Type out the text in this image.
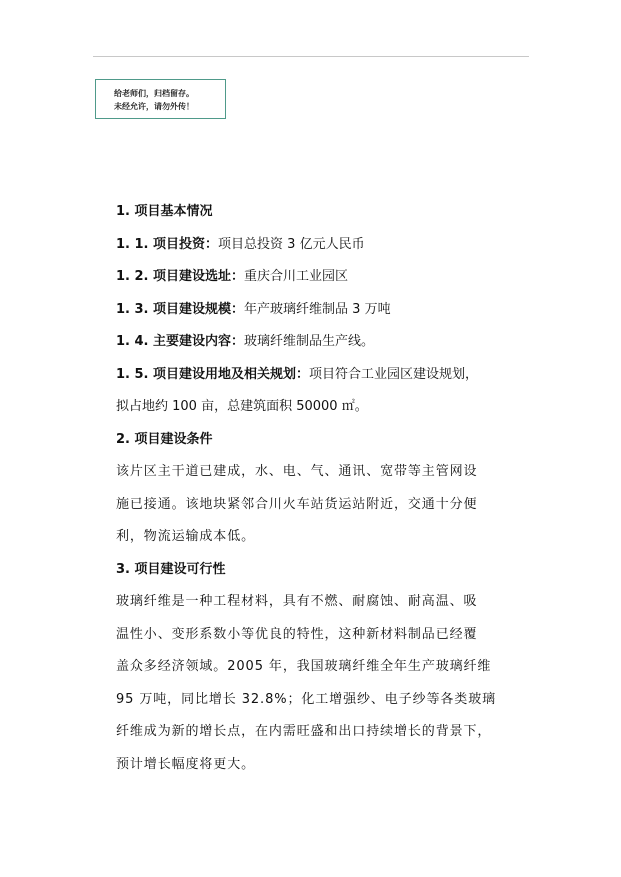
给老师们，归档留存。
未经允许，请勿外传！
1. 项目基本情况
1. 1. 项目投资：项目总投资 3 亿元人民币
1. 2. 项目建设选址：重庆合川工业园区
1. 3. 项目建设规模：年产玻璃纤维制品 3 万吨
1. 4. 主要建设内容：玻璃纤维制品生产线。
1. 5. 项目建设用地及相关规划：项目符合工业园区建设规划，
拟占地约 100 亩，总建筑面积 50000 ㎡。
2. 项目建设条件
该片区主干道已建成，水、电、气、通讯、宽带等主管网设
施已接通。该地块紧邻合川火车站货运站附近，交通十分便
利，物流运输成本低。
3. 项目建设可行性
玻璃纤维是一种工程材料，具有不燃、耐腐蚀、耐高温、吸
温性小、变形系数小等优良的特性，这种新材料制品已经覆
盖众多经济领域。2005 年，我国玻璃纤维全年生产玻璃纤维
95 万吨，同比增长 32.8%；化工增强纱、电子纱等各类玻璃
纤维成为新的增长点，在内需旺盛和出口持续增长的背景下，
预计增长幅度将更大。
